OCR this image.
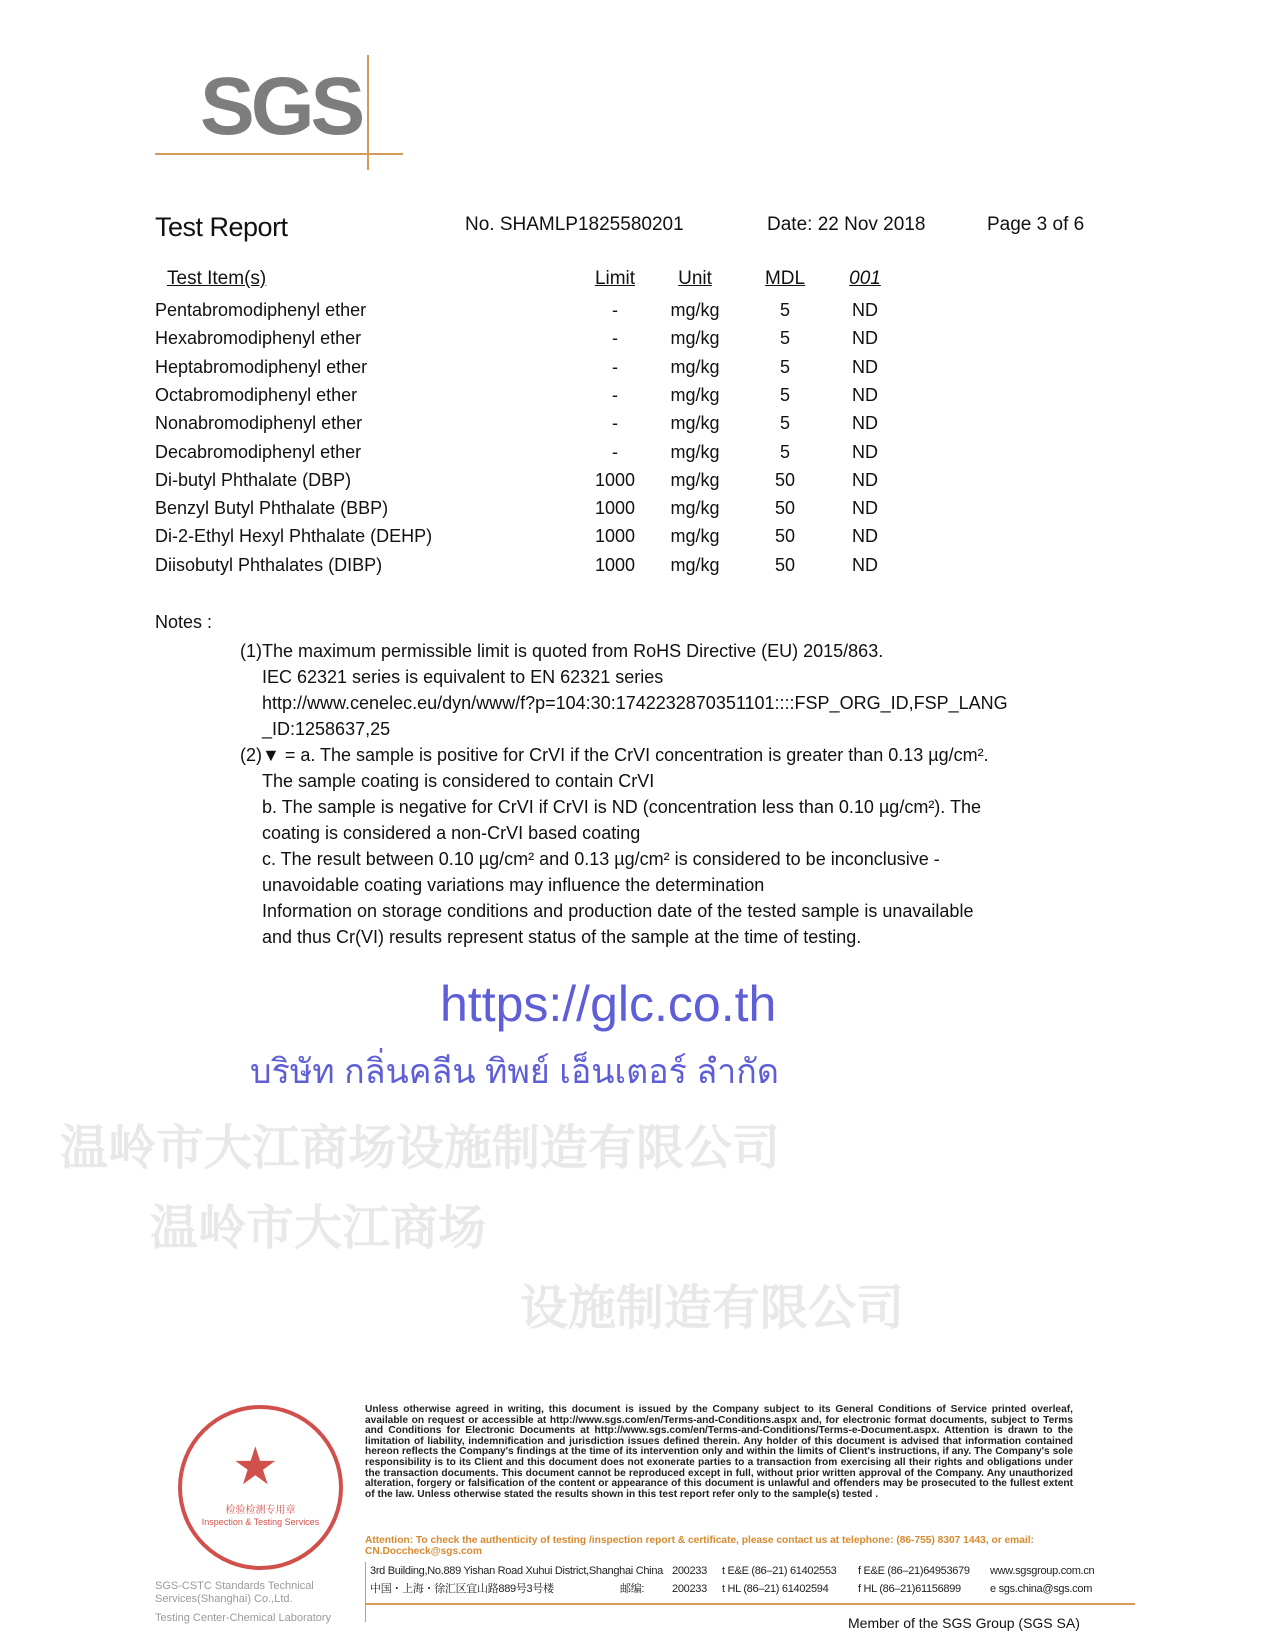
SGS
Test Report	No. SHAMLP1825580201	Date: 22 Nov 2018	Page 3 of 6
Test Item(s)	Limit	Unit	MDL	001
Pentabromodiphenyl ether	-	mg/kg	5	ND
Hexabromodiphenyl ether	-	mg/kg	5	ND
Heptabromodiphenyl ether	-	mg/kg	5	ND
Octabromodiphenyl ether	-	mg/kg	5	ND
Nonabromodiphenyl ether	-	mg/kg	5	ND
Decabromodiphenyl ether	-	mg/kg	5	ND
Di-butyl Phthalate (DBP)	1000	mg/kg	50	ND
Benzyl Butyl Phthalate (BBP)	1000	mg/kg	50	ND
Di-2-Ethyl Hexyl Phthalate (DEHP)	1000	mg/kg	50	ND
Diisobutyl Phthalates (DIBP)	1000	mg/kg	50	ND
Notes :
(1)The maximum permissible limit is quoted from RoHS Directive (EU) 2015/863.
IEC 62321 series is equivalent to EN 62321 series
http://www.cenelec.eu/dyn/www/f?p=104:30:1742232870351101::::FSP_ORG_ID,FSP_LANG
_ID:1258637,25
(2)▼ = a. The sample is positive for CrVI if the CrVI concentration is greater than 0.13 µg/cm².
The sample coating is considered to contain CrVI
b. The sample is negative for CrVI if CrVI is ND (concentration less than 0.10 µg/cm²). The
coating is considered a non-CrVI based coating
c. The result between 0.10 µg/cm² and 0.13 µg/cm² is considered to be inconclusive -
unavoidable coating variations may influence the determination
Information on storage conditions and production date of the tested sample is unavailable
and thus Cr(VI) results represent status of the sample at the time of testing.
https://glc.co.th
บริษัท กลิ่นคลีน ทิพย์ เอ็นเตอร์ ลำกัด
温岭市大江商场设施制造有限公司
温岭市大江商场
设施制造有限公司
★
检验检测专用章
Inspection & Testing Services
SGS-CSTC Standards Technical Services(Shanghai) Co.,Ltd.
Testing Center-Chemical Laboratory
Unless otherwise agreed in writing, this document is issued by the Company subject to its General Conditions of Service printed overleaf, available on request or accessible at http://www.sgs.com/en/Terms-and-Conditions.aspx and, for electronic format documents, subject to Terms and Conditions for Electronic Documents at http://www.sgs.com/en/Terms-and-Conditions/Terms-e-Document.aspx. Attention is drawn to the limitation of liability, indemnification and jurisdiction issues defined therein. Any holder of this document is advised that information contained hereon reflects the Company's findings at the time of its intervention only and within the limits of Client's instructions, if any. The Company's sole responsibility is to its Client and this document does not exonerate parties to a transaction from exercising all their rights and obligations under the transaction documents. This document cannot be reproduced except in full, without prior written approval of the Company. Any unauthorized alteration, forgery or falsification of the content or appearance of this document is unlawful and offenders may be prosecuted to the fullest extent of the law. Unless otherwise stated the results shown in this test report refer only to the sample(s) tested .
Attention: To check the authenticity of testing /inspection report & certificate, please contact us at telephone: (86-755) 8307 1443, or email: CN.Doccheck@sgs.com
3rd Building,No.889 Yishan Road Xuhui District,Shanghai China 200233 t E&E (86–21) 61402553 f E&E (86–21)64953679 www.sgsgroup.com.cn
中国・上海・徐汇区宜山路889号3号楼	邮编:	200233 t HL (86–21) 61402594	f HL (86–21)61156899	e sgs.china@sgs.com
Member of the SGS Group (SGS SA)
